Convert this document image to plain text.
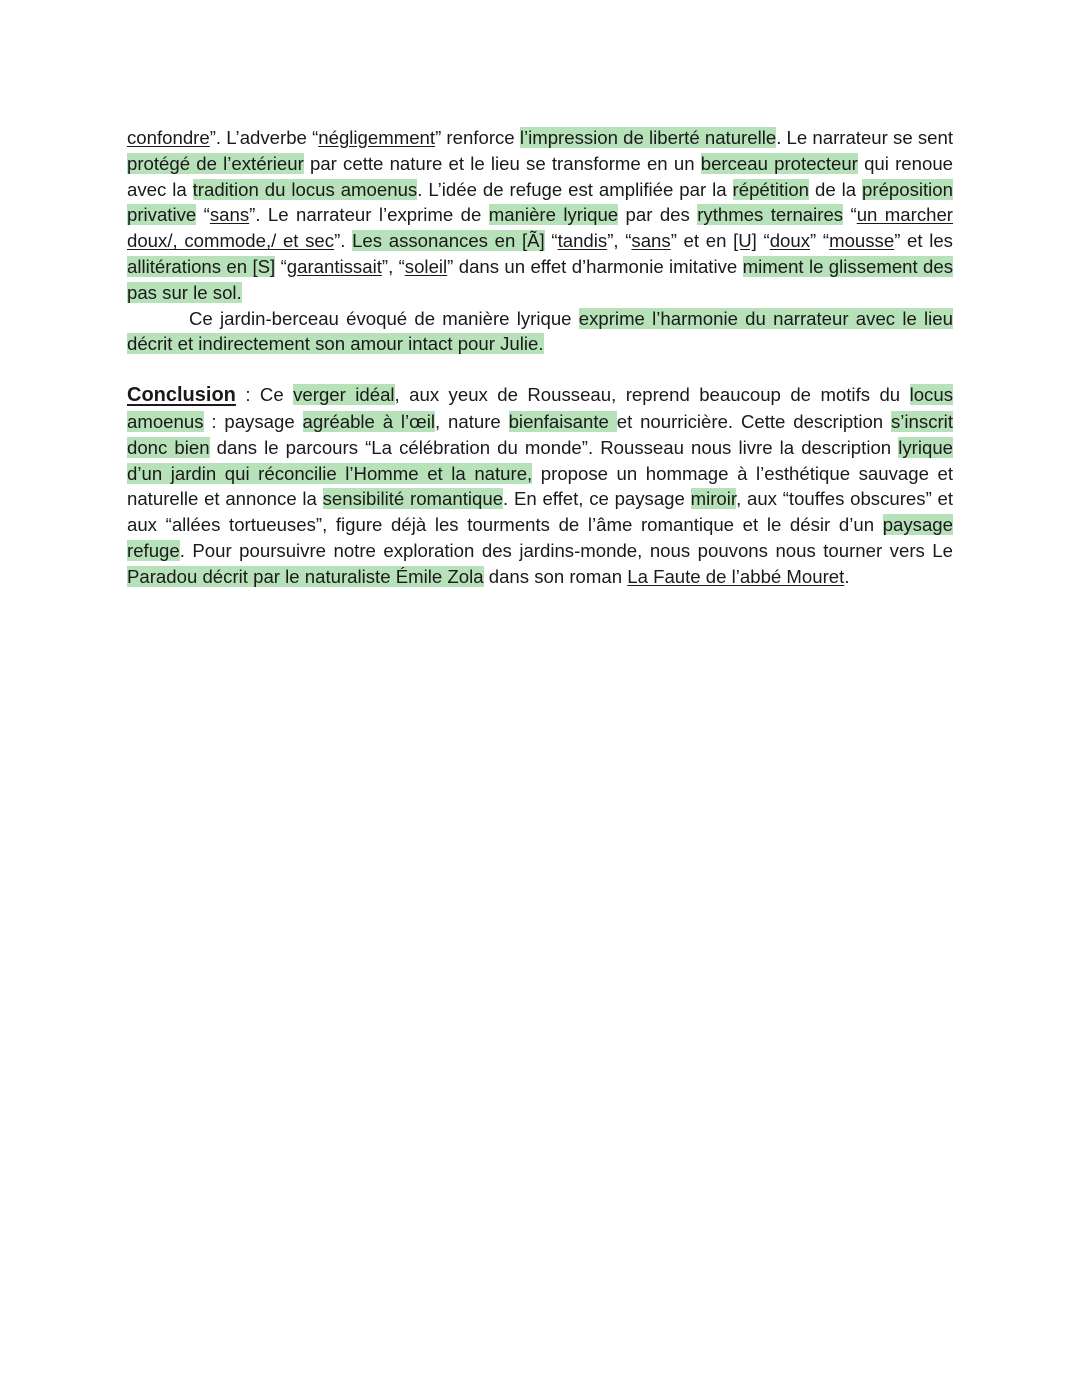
confondre”. L’adverbe “négligemment” renforce l’impression de liberté naturelle. Le narrateur se sent protégé de l’extérieur par cette nature et le lieu se transforme en un berceau protecteur qui renoue avec la tradition du locus amoenus. L’idée de refuge est amplifiée par la répétition de la préposition privative “sans”. Le narrateur l’exprime de manière lyrique par des rythmes ternaires “un marcher doux/, commode,/ et sec”. Les assonances en [Ã] “tandis”, “sans” et en [U] “doux” “mousse” et les allitérations en [S] “garantissait”, “soleil” dans un effet d’harmonie imitative miment le glissement des pas sur le sol.

Ce jardin-berceau évoqué de manière lyrique exprime l’harmonie du narrateur avec le lieu décrit et indirectement son amour intact pour Julie.

Conclusion : Ce verger idéal, aux yeux de Rousseau, reprend beaucoup de motifs du locus amoenus : paysage agréable à l’œil, nature bienfaisante et nourricière. Cette description s’inscrit donc bien dans le parcours “La célébration du monde”. Rousseau nous livre la description lyrique d’un jardin qui réconcilie l’Homme et la nature, propose un hommage à l’esthétique sauvage et naturelle et annonce la sensibilité romantique. En effet, ce paysage miroir, aux “touffes obscures” et aux “allées tortueuses”, figure déjà les tourments de l’âme romantique et le désir d’un paysage refuge. Pour poursuivre notre exploration des jardins-monde, nous pouvons nous tourner vers Le Paradou décrit par le naturaliste Émile Zola dans son roman La Faute de l’abbé Mouret.
